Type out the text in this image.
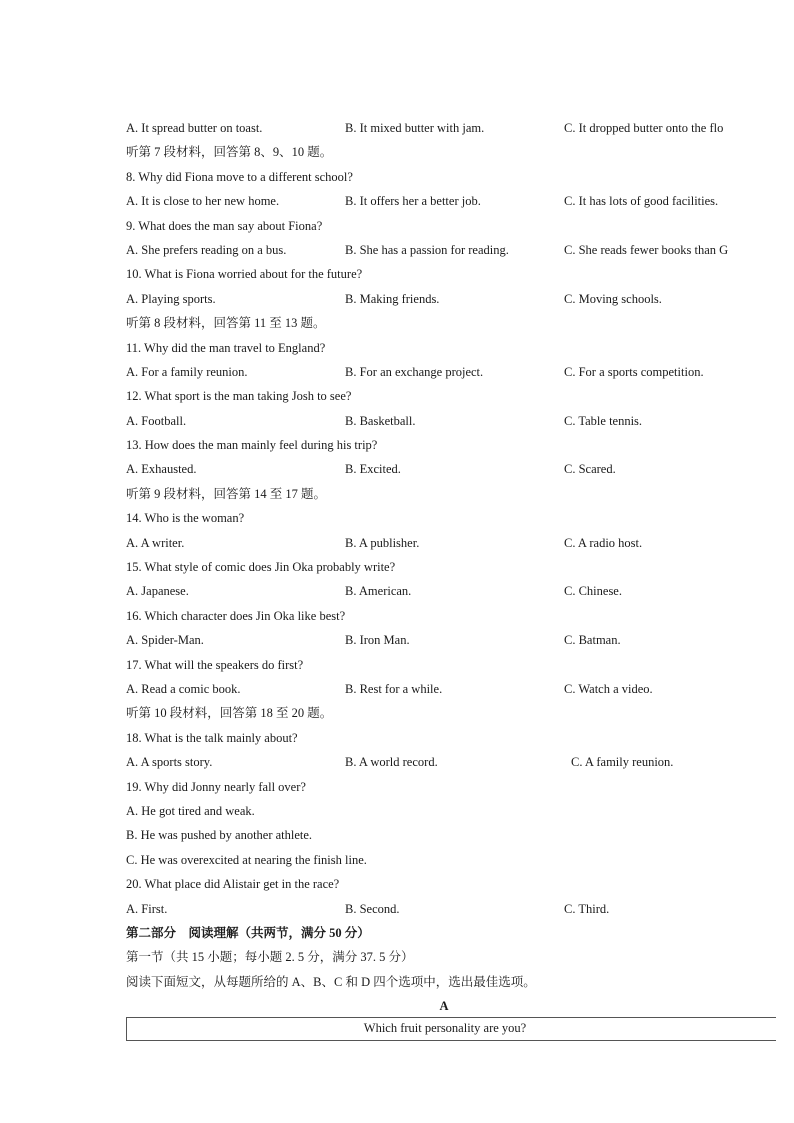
A. It spread butter on toast.	B. It mixed butter with jam.	C. It dropped butter onto the flo
听第 7 段材料，回答第 8、9、10 题。
8. Why did Fiona move to a different school?
A. It is close to her new home.	B. It offers her a better job.	C. It has lots of good facilities.
9. What does the man say about Fiona?
A. She prefers reading on a bus.	B. She has a passion for reading.	C. She reads fewer books than G
10. What is Fiona worried about for the future?
A. Playing sports.	B. Making friends.	C. Moving schools.
听第 8 段材料，回答第 11 至 13 题。
11. Why did the man travel to England?
A. For a family reunion.	B. For an exchange project.	C. For a sports competition.
12. What sport is the man taking Josh to see?
A. Football.	B. Basketball.	C. Table tennis.
13. How does the man mainly feel during his trip?
A. Exhausted.	B. Excited.	C. Scared.
听第 9 段材料，回答第 14 至 17 题。
14. Who is the woman?
A. A writer.	B. A publisher.	C. A radio host.
15. What style of comic does Jin Oka probably write?
A. Japanese.	B. American.	C. Chinese.
16. Which character does Jin Oka like best?
A. Spider-Man.	B. Iron Man.	C. Batman.
17. What will the speakers do first?
A. Read a comic book.	B. Rest for a while.	C. Watch a video.
听第 10 段材料，回答第 18 至 20 题。
18. What is the talk mainly about?
A. A sports story.	B. A world record.	C. A family reunion.
19. Why did Jonny nearly fall over?
A. He got tired and weak.
B. He was pushed by another athlete.
C. He was overexcited at nearing the finish line.
20. What place did Alistair get in the race?
A. First.	B. Second.	C. Third.
第二部分　阅读理解（共两节，满分 50 分）
第一节（共 15 小题；每小题 2. 5 分，满分 37. 5 分）
阅读下面短文，从每题所给的 A、B、C 和 D 四个选项中，选出最佳选项。
A
Which fruit personality are you?
